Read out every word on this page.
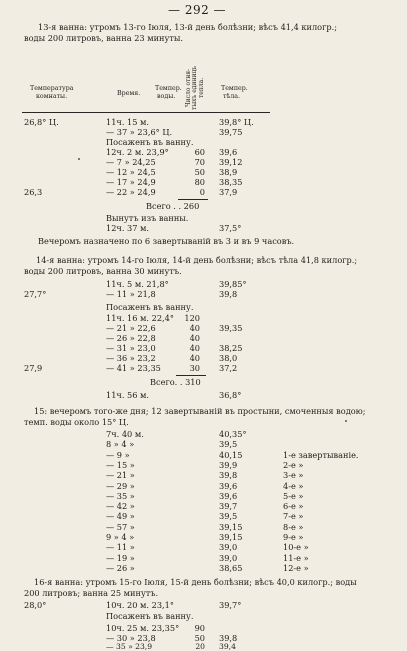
— 292 —
13-я ванна: утромъ 13-го Іюля, 13-й день болѣзни; вѣсъ 41,4 килогр.;
воды 200 литровъ, ванна 23 минуты.
Температура
комнаты.	Время.
Темпер.
воды. Число отня-
тыхъ единицъ
тепла.	Темпер.
тѣла.
26,8° Ц.	11ч. 15 м.	39,8° Ц.
— 37 » 23,6° Ц.	39,75
Посаженъ въ ванну.
12ч. 2 м. 23,9°	60 39,6
— 7 » 24,25	70 39,12
— 12 » 24,5	50 38,9
— 17 » 24,9	80 38,35
26,3	— 22 » 24,9	0 37,9
Всего . . 260
Вынутъ изъ ванны.
12ч. 37 м.	37,5°
Вечеромъ назначено по 6 завертываній въ 3 и въ 9 часовъ.
14-я ванна: утромъ 14-го Іюля, 14-й день болѣзни; вѣсъ тѣла 41,8 килогр.;
воды 200 литровъ, ванна 30 минутъ.
11ч. 5 м. 21,8°	39,85°
27,7°	— 11 » 21,8	39,8
Посаженъ въ ванну.
11ч. 16 м. 22,4°	120
— 21 » 22,6	40 39,35
— 26 » 22,8	40
— 31 » 23,0	40 38,25
— 36 » 23,2	40 38,0
27,9	— 41 » 23,35	30 37,2
Всего. . 310
11ч. 56 м.	36,8°
15: вечеромъ того-же дня; 12 завертываній въ простыни, смоченныя водою;
темп. воды около 15° Ц.
7ч. 40 м.	40,35°
8 » 4 »	39,5
— 9 »	40,15	1-е завертываніе.
— 15 »	39,9	2-е »
— 21 »	39,8	3-е »
— 29 »	39,6	4-е »
— 35 »	39,6	5-е »
— 42 »	39,7	6-е »
— 49 »	39,5	7-е »
— 57 »	39,15	8-е »
9 » 4 »	39,15	9-е »
— 11 »	39,0	10-е »
— 19 »	39,0	11-е »
— 26 »	38,65	12-е »
16-я ванна: утромъ 15-го Іюля, 15-й день болѣзни; вѣсъ 40,0 килогр.; воды
200 литровъ; ванна 25 минутъ.
28,0°	10ч. 20 м. 23,1°	39,7°
Посаженъ въ ванну.
10ч. 25 м. 23,35°	90
— 30 » 23,8	50 39,8
— 35 » 23,9	20 39,4
